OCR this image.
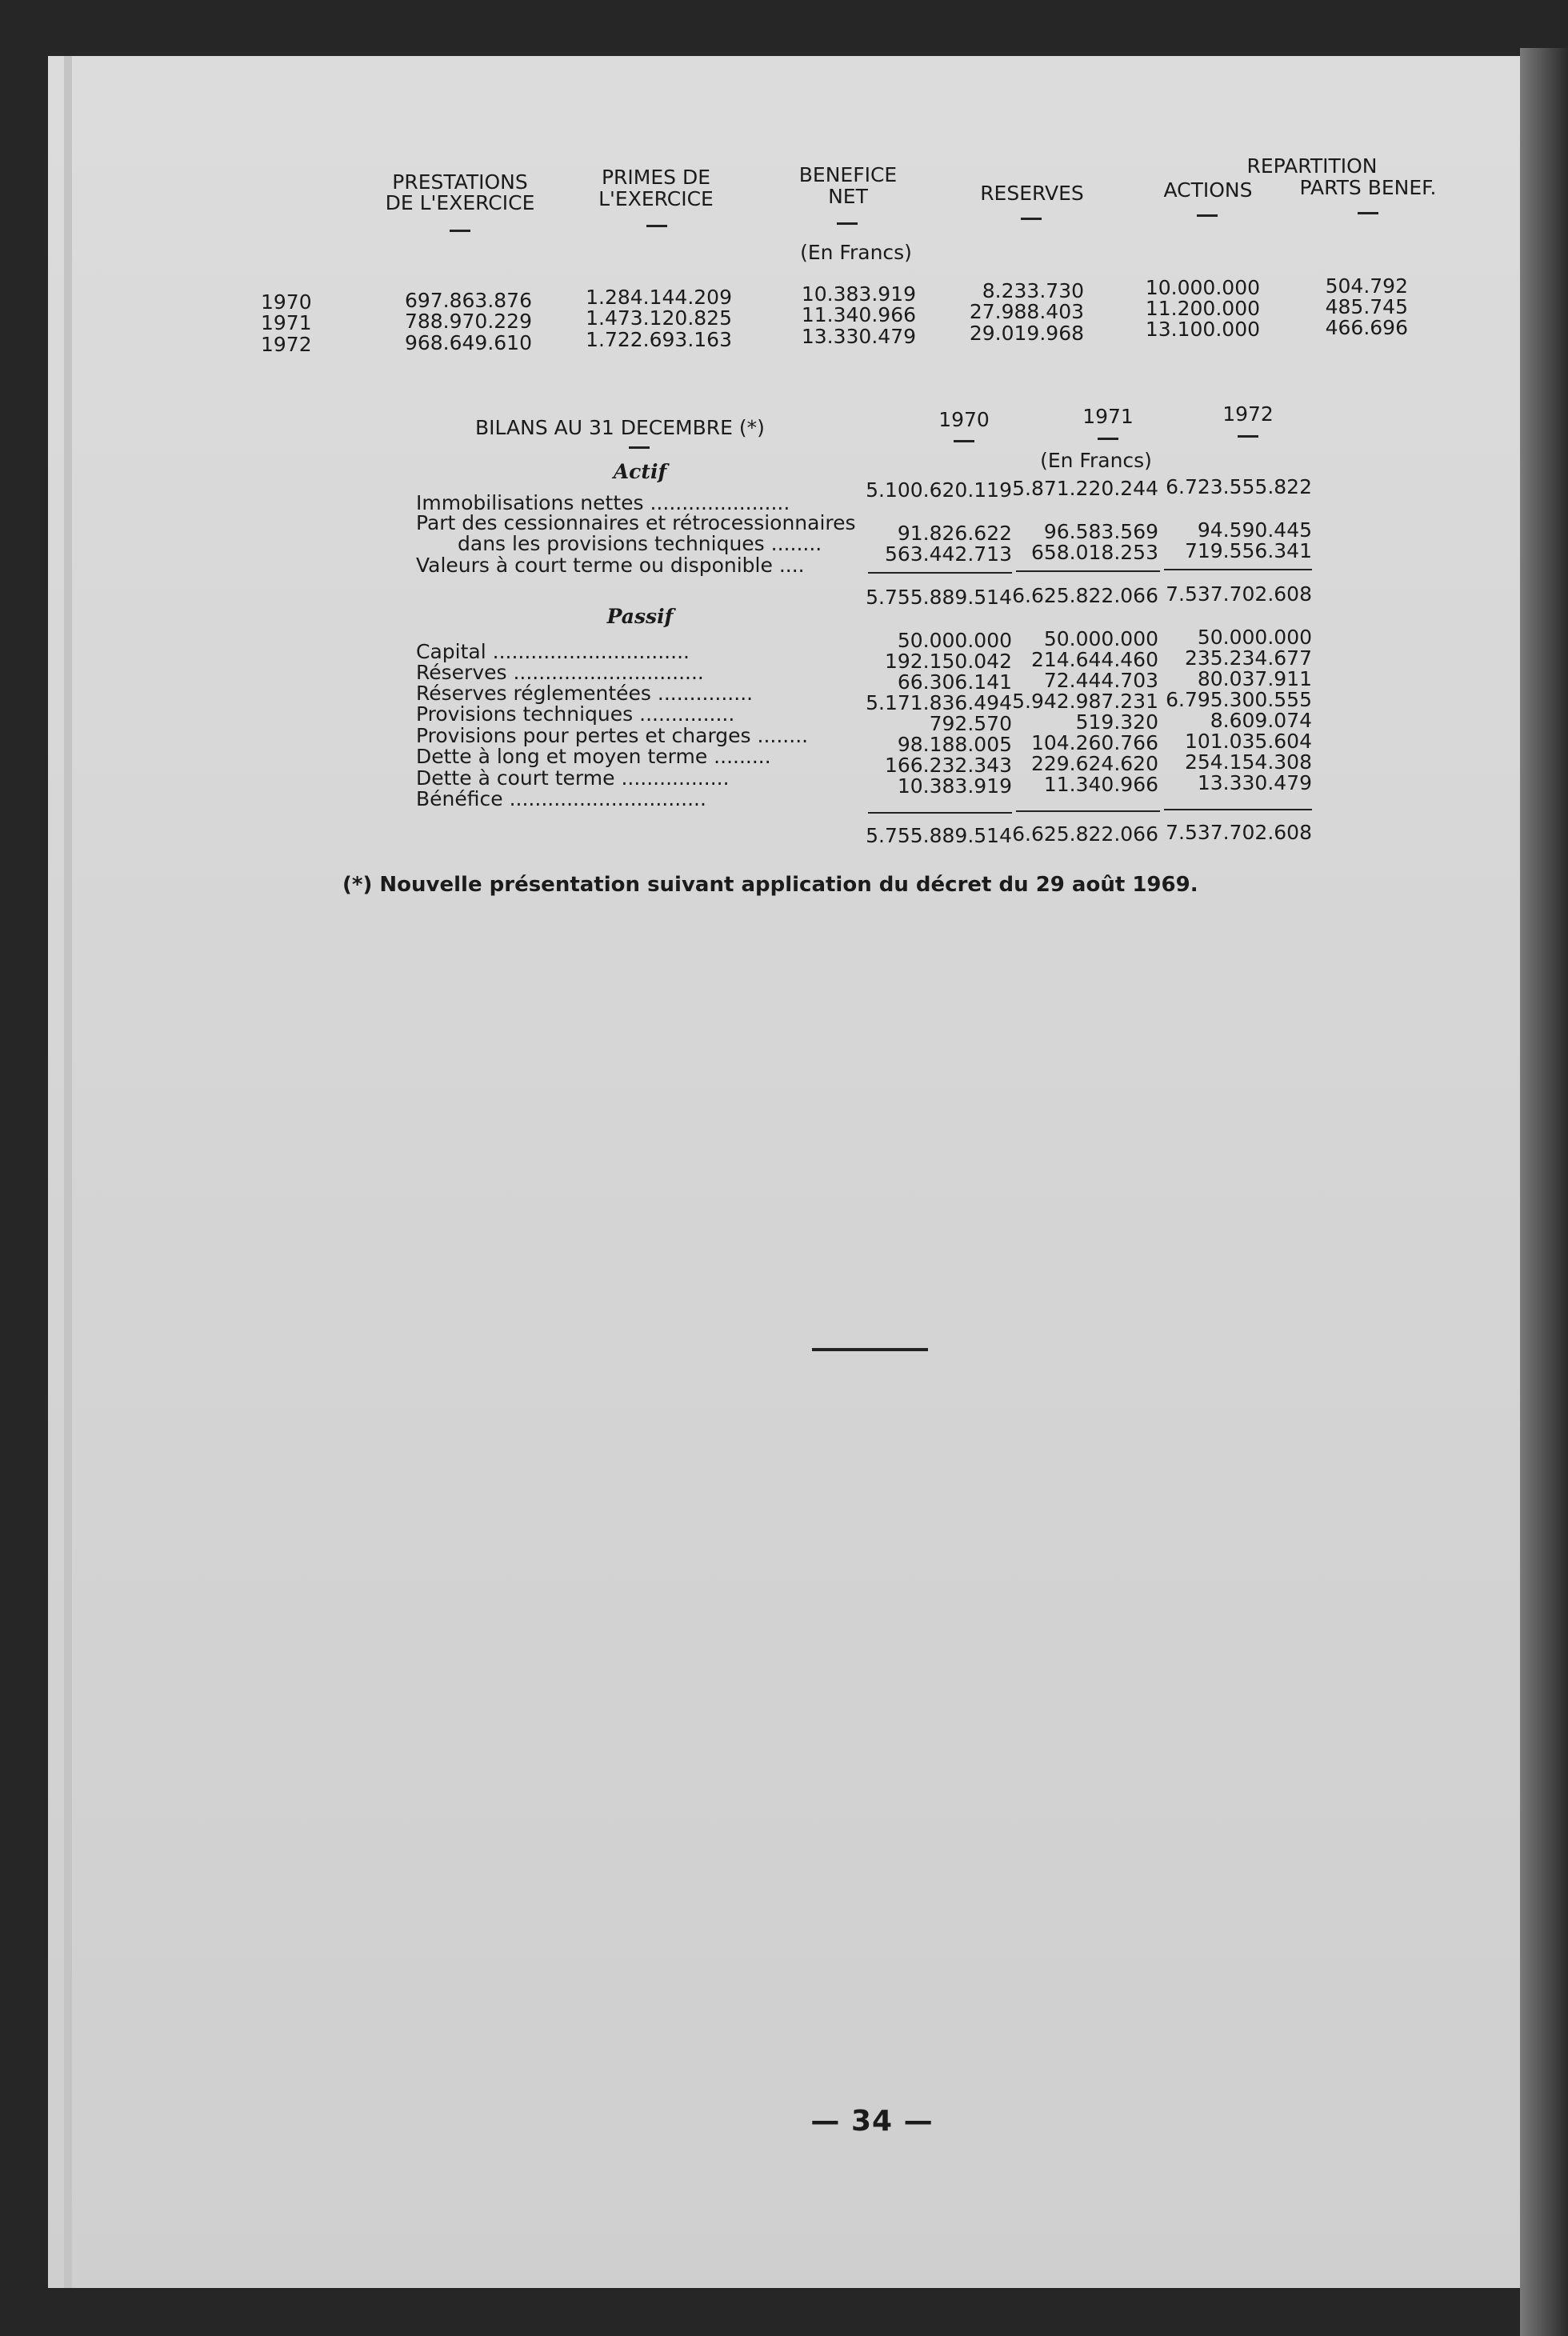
PRESTATIONS
DE L'EXERCICE
PRIMES DE
L'EXERCICE
BENEFICE
NET	RESERVES
REPARTITION
ACTIONS	PARTS BENEF.
(En Francs)
1970	697.863.876	1.284.144.209	10.383.919	8.233.730	10.000.000	504.792
1971	788.970.229	1.473.120.825	11.340.966	27.988.403	11.200.000	485.745
1972	968.649.610	1.722.693.163	13.330.479	29.019.968	13.100.000	466.696
BILANS AU 31 DECEMBRE (*)	1970	1971	1972
Actif	(En Francs)
Immobilisations nettes ......................
5.100.620.119 5.871.220.244 6.723.555.822
Part des cessionnaires et rétrocessionnaires
dans les provisions techniques ........	91.826.622	96.583.569	94.590.445
Valeurs à court terme ou disponible ....	563.442.713 658.018.253	719.556.341
5.755.889.514 6.625.822.066 7.537.702.608
Passif
Capital ...............................	50.000.000	50.000.000	50.000.000
Réserves ..............................	192.150.042 214.644.460	235.234.677
Réserves réglementées ...............	66.306.141	72.444.703	80.037.911
Provisions techniques ...............	5.171.836.494 5.942.987.231 6.795.300.555
Provisions pour pertes et charges ........
792.570	519.320	8.609.074
Dette à long et moyen terme .........
98.188.005 104.260.766	101.035.604
Dette à court terme .................
166.232.343 229.624.620	254.154.308
Bénéfice ...............................
10.383.919	11.340.966	13.330.479
5.755.889.514 6.625.822.066 7.537.702.608
(*) Nouvelle présentation suivant application du décret du 29 août 1969.
— 34 —
